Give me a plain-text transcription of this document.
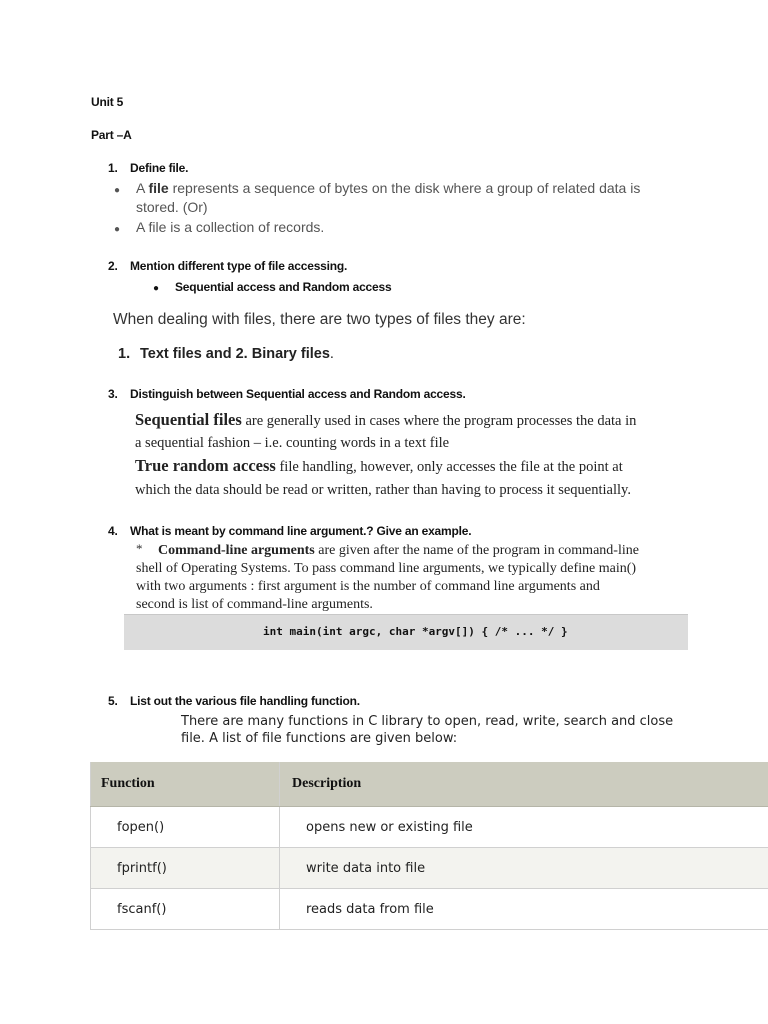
Unit 5
Part –A
1. Define file.
● A file represents a sequence of bytes on the disk where a group of related data is
stored. (Or)
● A file is a collection of records.
2. Mention different type of file accessing.
● Sequential access and Random access
When dealing with files, there are two types of files they are:
1. Text files and 2. Binary files.
3. Distinguish between Sequential access and Random access.
Sequential files are generally used in cases where the program processes the data in
a sequential fashion – i.e. counting words in a text file
True random access file handling, however, only accesses the file at the point at
which the data should be read or written, rather than having to process it sequentially.
4. What is meant by command line argument.? Give an example.
* Command-line arguments are given after the name of the program in command-line
shell of Operating Systems. To pass command line arguments, we typically define main()
with two arguments : first argument is the number of command line arguments and
second is list of command-line arguments.
int main(int argc, char *argv[]) { /* ... */ }
5. List out the various file handling function.
There are many functions in C library to open, read, write, search and close
file. A list of file functions are given below:
Function	Description
fopen()	opens new or existing file
fprintf()	write data into file
fscanf()	reads data from file
